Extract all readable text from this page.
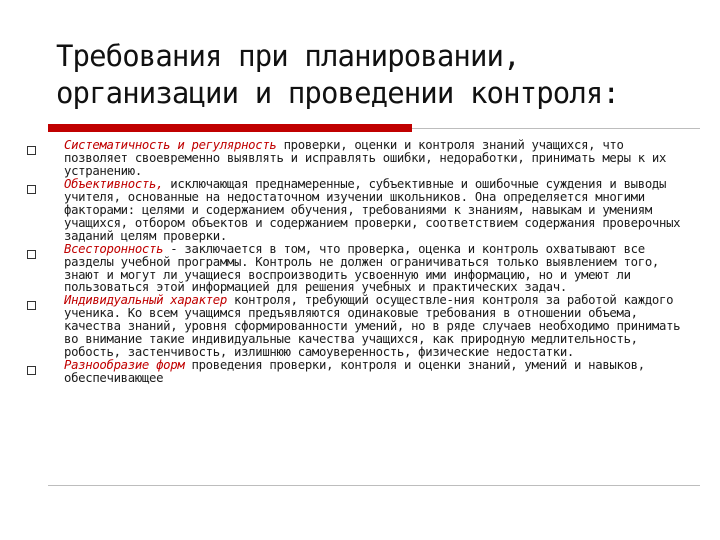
Требования при планировании,
организации и проведении контроля:
Систематичность и регулярность проверки, оценки и контроля знаний учащихся, что позволяет своевременно выявлять и исправлять ошибки, недоработки, принимать меры к их устранению.
Объективность, исключающая преднамеренные, субъективные и ошибочные суждения и выводы учителя, основанные на недостаточном изучении школьников. Она определяется многими факторами: целями и содержанием обучения, требованиями к знаниям, навыкам и умениям учащихся, отбором объектов и содержанием проверки, соответствием содержания проверочных заданий целям проверки.
Всесторонность - заключается в том, что проверка, оценка и контроль охватывают все разделы учебной программы. Контроль не должен ограничиваться только выявлением того, знают и могут ли учащиеся воспроизводить усвоенную ими информацию, но и умеют ли пользоваться этой информацией для решения учебных и практических задач.
Индивидуальный характер контроля, требующий осуществле-ния контроля за работой каждого ученика. Ко всем учащимся предъявляются одинаковые требования в отношении объема, качества знаний, уровня сформированности умений, но в ряде случаев необходимо принимать во внимание такие индивидуальные качества учащихся, как природную медлительность, робость, застенчивость, излишнюю самоуверенность, физические недостатки.
Разнообразие форм проведения проверки, контроля и оценки знаний, умений и навыков, обеспечивающее
